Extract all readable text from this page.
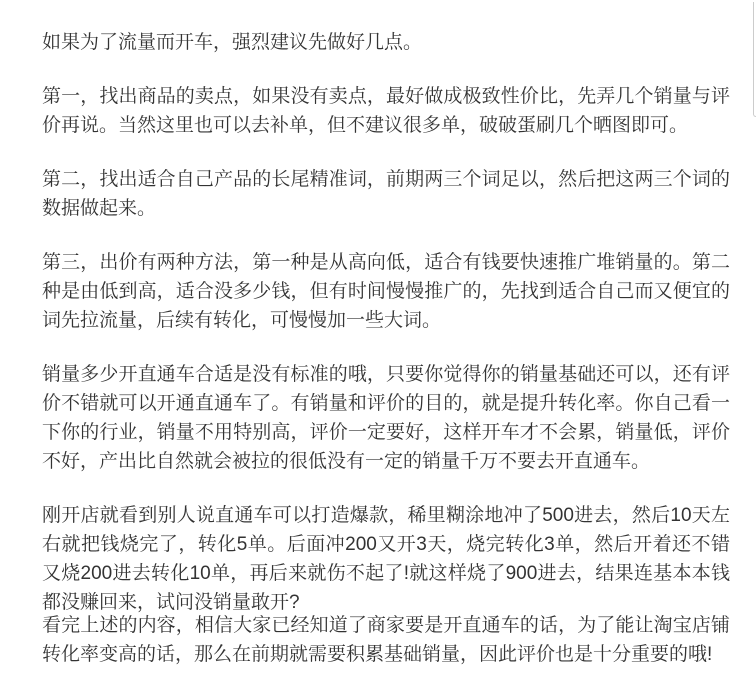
如果为了流量而开车，强烈建议先做好几点。

第一，找出商品的卖点，如果没有卖点，最好做成极致性价比，先弄几个销量与评价再说。当然这里也可以去补单，但不建议很多单，破破蛋刷几个晒图即可。

第二，找出适合自己产品的长尾精准词，前期两三个词足以，然后把这两三个词的数据做起来。

第三，出价有两种方法，第一种是从高向低，适合有钱要快速推广堆销量的。第二种是由低到高，适合没多少钱，但有时间慢慢推广的，先找到适合自己而又便宜的词先拉流量，后续有转化，可慢慢加一些大词。

销量多少开直通车合适是没有标准的哦，只要你觉得你的销量基础还可以，还有评价不错就可以开通直通车了。有销量和评价的目的，就是提升转化率。你自己看一下你的行业，销量不用特别高，评价一定要好，这样开车才不会累，销量低，评价不好，产出比自然就会被拉的很低没有一定的销量千万不要去开直通车。

刚开店就看到别人说直通车可以打造爆款，稀里糊涂地冲了500进去，然后10天左右就把钱烧完了，转化5单。后面冲200又开3天，烧完转化3单，然后开着还不错又烧200进去转化10单，再后来就伤不起了!就这样烧了900进去，结果连基本本钱都没赚回来，试问没销量敢开?

看完上述的内容，相信大家已经知道了商家要是开直通车的话，为了能让淘宝店铺转化率变高的话，那么在前期就需要积累基础销量，因此评价也是十分重要的哦!
